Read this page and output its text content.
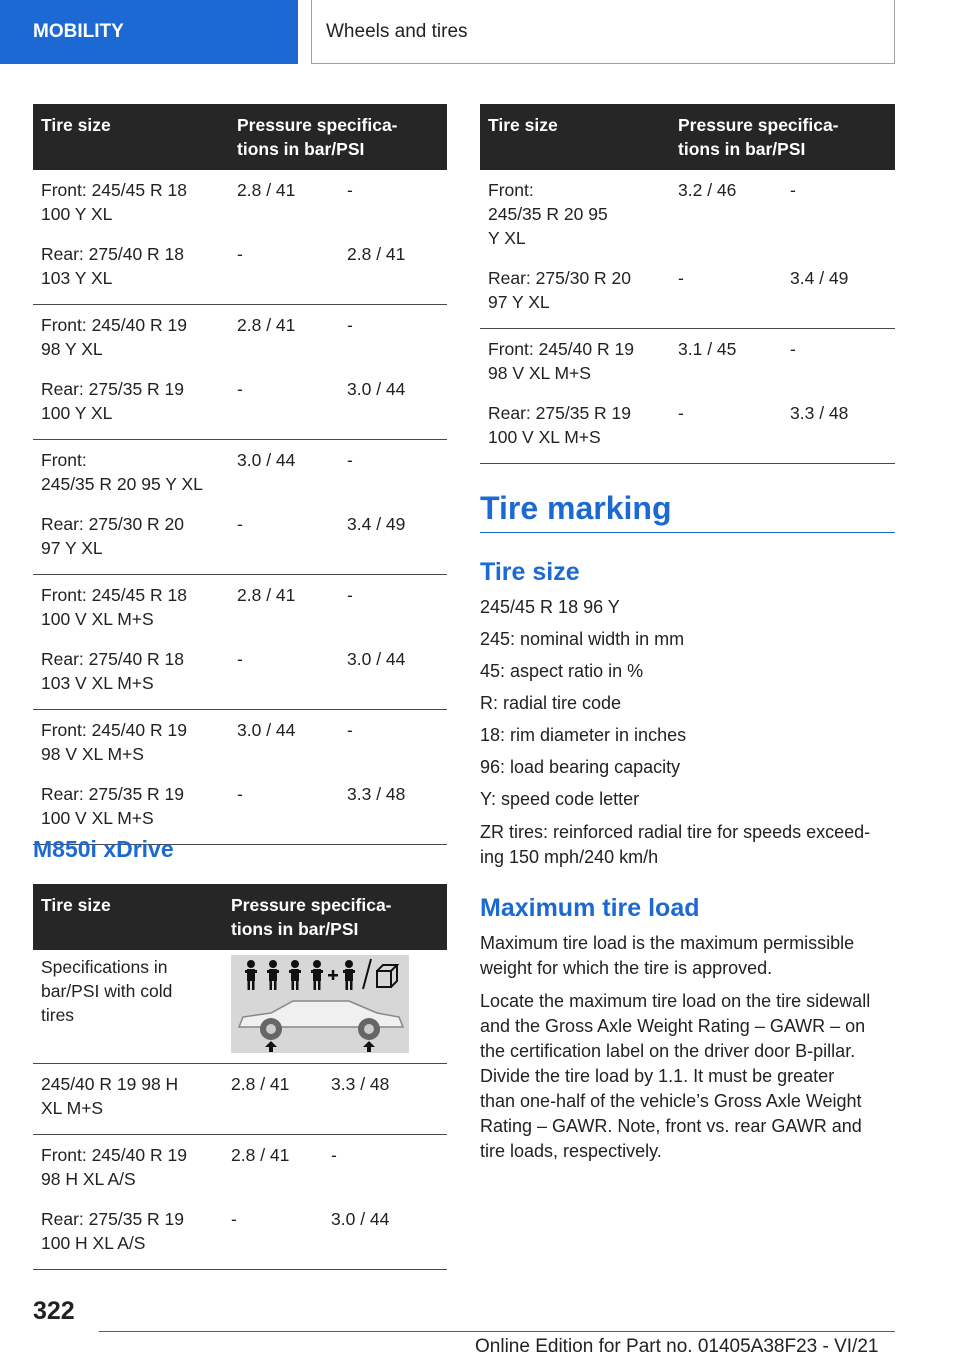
MOBILITY	Wheels and tires
Tire size	Pressure specifica-
tions in bar/PSI	
Front: 245/45 R 18
100 Y XL	2.8 / 41	-
Rear: 275/40 R 18
103 Y XL	-	2.8 / 41
Front: 245/40 R 19
98 Y XL	2.8 / 41	-
Rear: 275/35 R 19
100 Y XL	-	3.0 / 44
Front:
245/35 R 20 95 Y XL	3.0 / 44	-
Rear: 275/30 R 20
97 Y XL	-	3.4 / 49
Front: 245/45 R 18
100 V XL M+S	2.8 / 41	-
Rear: 275/40 R 18
103 V XL M+S	-	3.0 / 44
Front: 245/40 R 19
98 V XL M+S	3.0 / 44	-
Rear: 275/35 R 19
100 V XL M+S	-	3.3 / 48
M850i xDrive
Tire size	Pressure specifica-
tions in bar/PSI	
Specifications in
bar/PSI with cold
tires	

245/40 R 19 98 H
XL M+S	2.8 / 41	3.3 / 48
Front: 245/40 R 19
98 H XL A/S	2.8 / 41	-
Rear: 275/35 R 19
100 H XL A/S	-	3.0 / 44
Tire size	Pressure specifica-
tions in bar/PSI	
Front:
245/35 R 20 95
Y XL	3.2 / 46	-
Rear: 275/30 R 20
97 Y XL	-	3.4 / 49
Front: 245/40 R 19
98 V XL M+S	3.1 / 45	-
Rear: 275/35 R 19
100 V XL M+S	-	3.3 / 48
Tire marking
Tire size
245/45 R 18 96 Y
245: nominal width in mm
45: aspect ratio in %
R: radial tire code
18: rim diameter in inches
96: load bearing capacity
Y: speed code letter

ZR tires: reinforced radial tire for speeds exceed-
ing 150 mph/240 km/h

Maximum tire load

Maximum tire load is the maximum permissible
weight for which the tire is approved.

Locate the maximum tire load on the tire sidewall
and the Gross Axle Weight Rating – GAWR – on
the certification label on the driver door B-pillar.
Divide the tire load by 1.1. It must be greater
than one-half of the vehicle’s Gross Axle Weight
Rating – GAWR. Note, front vs. rear GAWR and
tire loads, respectively.

322
Online Edition for Part no. 01405A38F23 - VI/21
